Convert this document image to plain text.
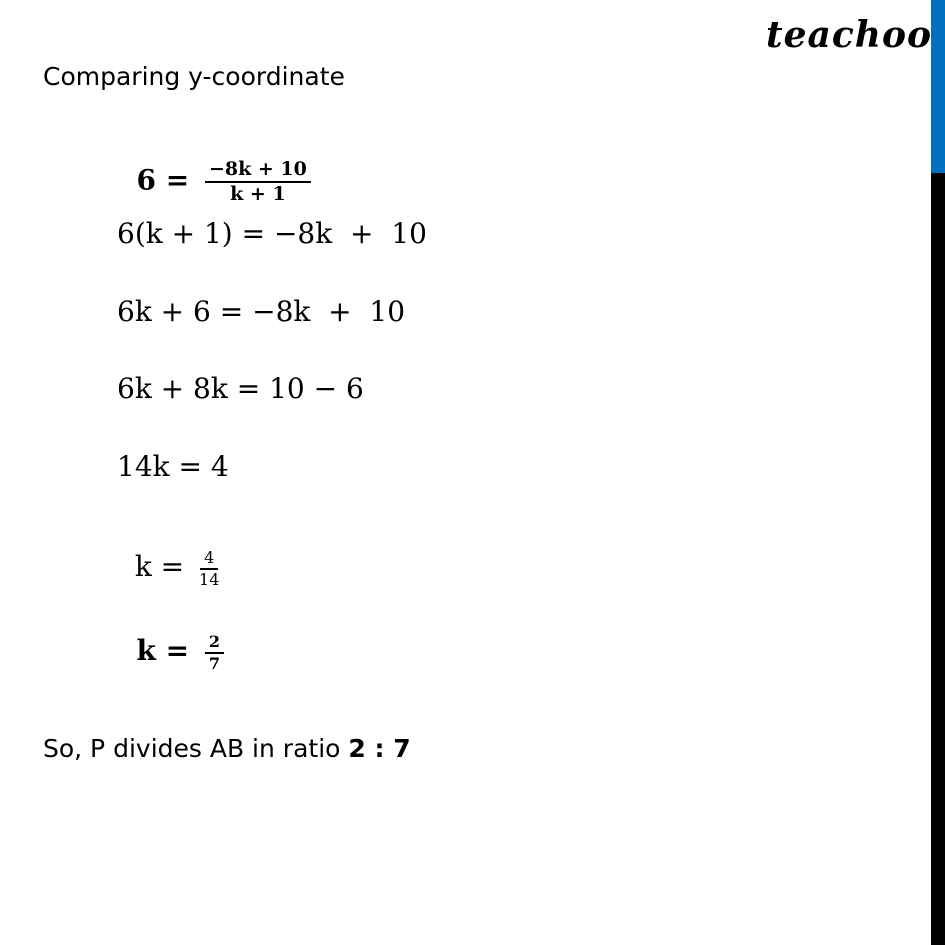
teachoo
Comparing y-coordinate

$6 = \frac{-8k + 10}{k + 1}$

6(k + 1) = −8k  +  10
6k + 6 = −8k  +  10
6k + 8k = 10 − 6
14k = 4

$k = \frac{4}{14}$

$k = \frac{2}{7}$

So, P divides AB in ratio 2 : 7
